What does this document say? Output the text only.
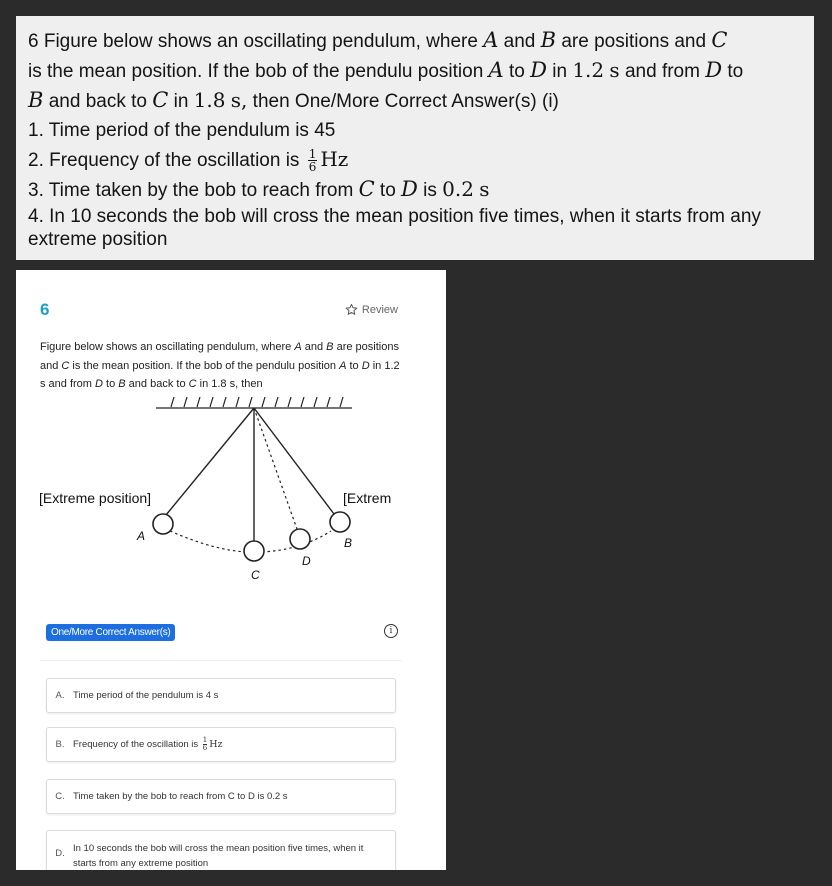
6 Figure below shows an oscillating pendulum, where A and B are positions and C

is the mean position. If the bob of the pendulu position A to D in 1.2 s and from D to

B and back to C in 1.8 s, then One/More Correct Answer(s) (i)

1. Time period of the pendulum is 45

2. Frequency of the oscillation is $\frac{1}{6}$ Hz

3. Time taken by the bob to reach from C to D is 0.2 s

4. In 10 seconds the bob will cross the mean position five times, when it starts from any extreme position

6	Review
Figure below shows an oscillating pendulum, where A and B are positions and C is the mean position. If the bob of the pendulu position A to D in 1.2 s and from D to B and back to C in 1.8 s, then
[Extreme position]	[Extrem
A
C
D
B
One/More Correct Answer(s)	i
A. Time period of the pendulum is 4 s
B. Frequency of the oscillation is $\frac{1}{6}$ Hz
C. Time taken by the bob to reach from C to D is 0.2 s
D. In 10 seconds the bob will cross the mean position five times, when it starts from any extreme position
